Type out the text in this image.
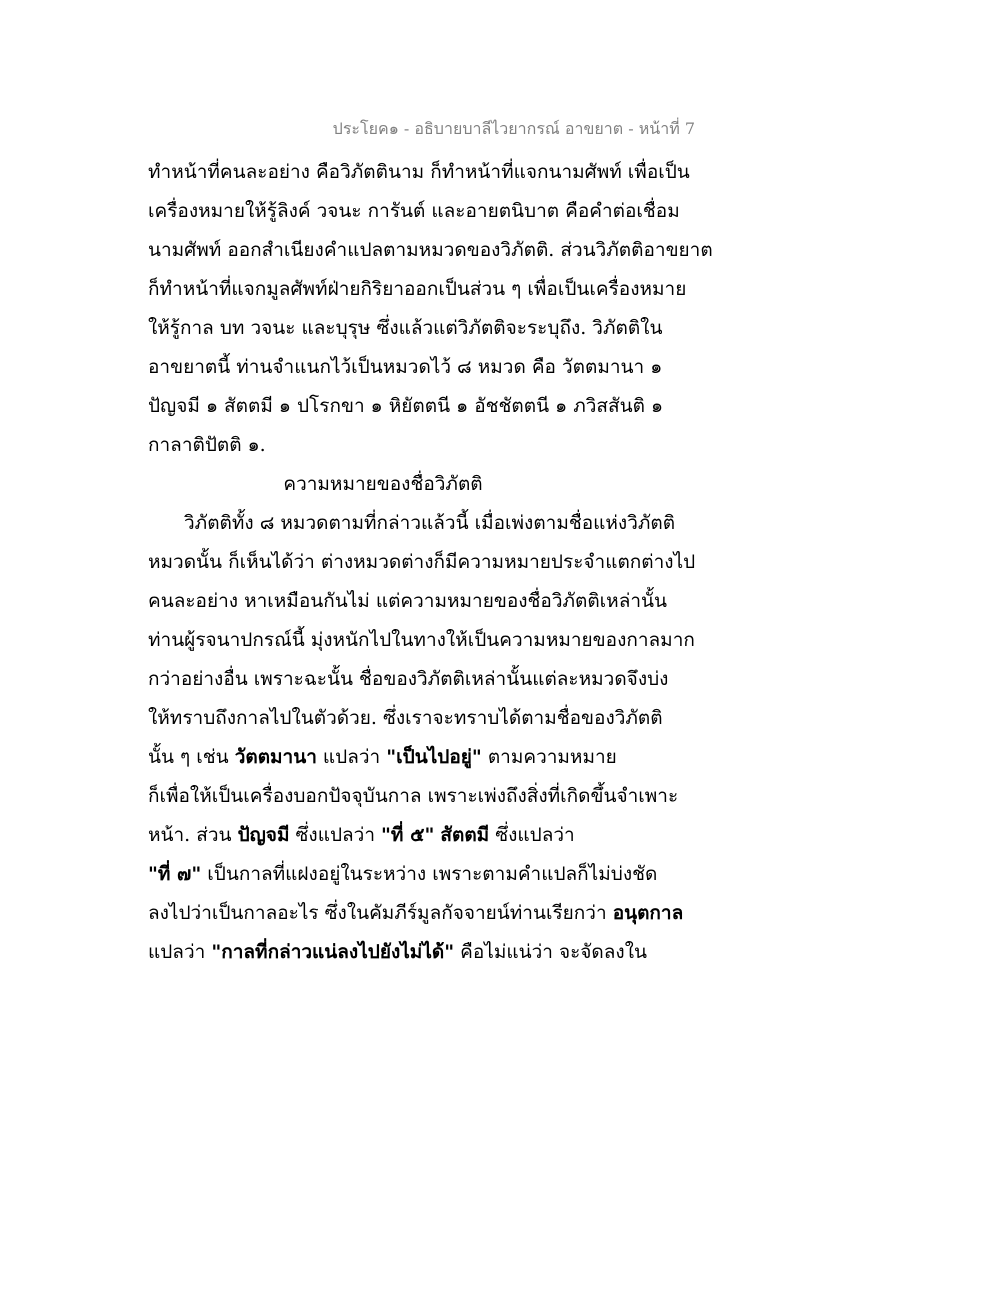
ประโยค๑ - อธิบายบาลีไวยากรณ์ อาขยาต - หน้าที่ 7
ทำหน้าที่คนละอย่าง คือวิภัตตินาม ก็ทำหน้าที่แจกนามศัพท์ เพื่อเป็น
เครื่องหมายให้รู้ลิงค์ วจนะ การันต์ และอายตนิบาต คือคำต่อเชื่อม
นามศัพท์ ออกสำเนียงคำแปลตามหมวดของวิภัตติ. ส่วนวิภัตติอาขยาต
ก็ทำหน้าที่แจกมูลศัพท์ฝ่ายกิริยาออกเป็นส่วน ๆ เพื่อเป็นเครื่องหมาย
ให้รู้กาล บท วจนะ และบุรุษ ซึ่งแล้วแต่วิภัตติจะระบุถึง. วิภัตติใน
อาขยาตนี้ ท่านจำแนกไว้เป็นหมวดไว้ ๘ หมวด คือ วัตตมานา ๑
ปัญจมี ๑ สัตตมี ๑ ปโรกขา ๑ หิยัตตนี ๑ อัชชัตตนี ๑ ภวิสสันติ ๑
กาลาติปัตติ ๑.
ความหมายของชื่อวิภัตติ
วิภัตติทั้ง ๘ หมวดตามที่กล่าวแล้วนี้ เมื่อเพ่งตามชื่อแห่งวิภัตติ
หมวดนั้น ก็เห็นได้ว่า ต่างหมวดต่างก็มีความหมายประจำแตกต่างไป
คนละอย่าง หาเหมือนกันไม่ แต่ความหมายของชื่อวิภัตติเหล่านั้น
ท่านผู้รจนาปกรณ์นี้ มุ่งหนักไปในทางให้เป็นความหมายของกาลมาก
กว่าอย่างอื่น เพราะฉะนั้น ชื่อของวิภัตติเหล่านั้นแต่ละหมวดจึงบ่ง
ให้ทราบถึงกาลไปในตัวด้วย. ซึ่งเราจะทราบได้ตามชื่อของวิภัตติ
นั้น ๆ เช่น วัตตมานา แปลว่า "เป็นไปอยู่" ตามความหมาย
ก็เพื่อให้เป็นเครื่องบอกปัจจุบันกาล เพราะเพ่งถึงสิ่งที่เกิดขึ้นจำเพาะ
หน้า. ส่วน ปัญจมี ซึ่งแปลว่า "ที่ ๕" สัตตมี ซึ่งแปลว่า
"ที่ ๗" เป็นกาลที่แฝงอยู่ในระหว่าง เพราะตามคำแปลก็ไม่บ่งชัด
ลงไปว่าเป็นกาลอะไร ซึ่งในคัมภีร์มูลกัจจายน์ท่านเรียกว่า อนุตกาล
แปลว่า "กาลที่กล่าวแน่ลงไปยังไม่ได้" คือไม่แน่ว่า จะจัดลงใน
